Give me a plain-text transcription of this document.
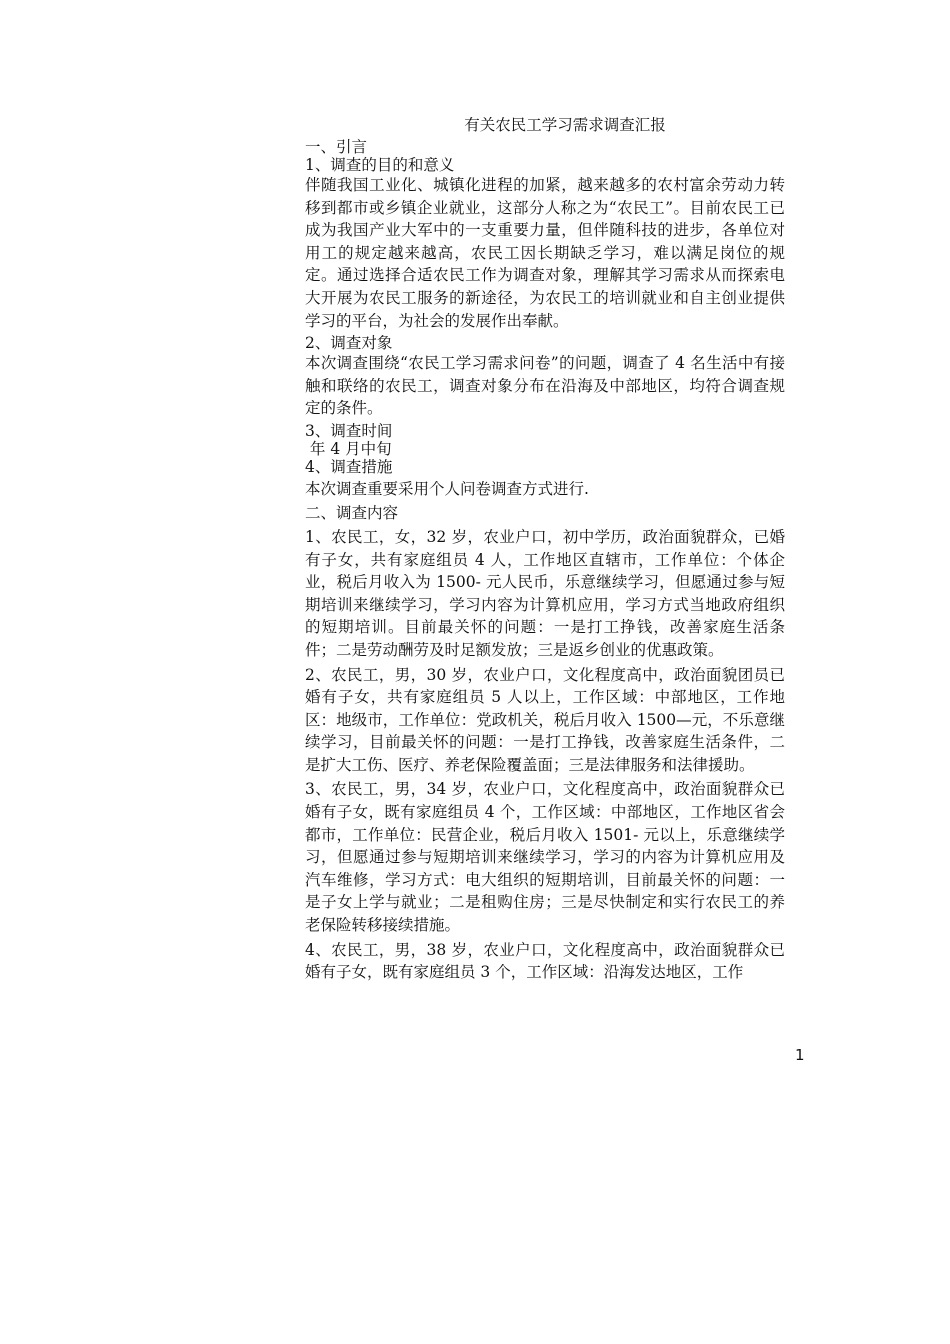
有关农民工学习需求调查汇报

一、引言

1、调查的目的和意义

伴随我国工业化、城镇化进程的加紧，越来越多的农村富余劳动力转移到都市或乡镇企业就业，这部分人称之为“农民工”。目前农民工已成为我国产业大军中的一支重要力量，但伴随科技的进步，各单位对用工的规定越来越高，农民工因长期缺乏学习，难以满足岗位的规定。通过选择合适农民工作为调查对象，理解其学习需求从而探索电大开展为农民工服务的新途径，为农民工的培训就业和自主创业提供学习的平台，为社会的发展作出奉献。

2、调查对象

本次调查围绕“农民工学习需求问卷”的问题，调查了 4 名生活中有接触和联络的农民工，调查对象分布在沿海及中部地区，均符合调查规定的条件。

3、调查时间

年 4 月中旬

4、调查措施

本次调查重要采用个人问卷调查方式进行.

二、调查内容

1、农民工，女，32 岁，农业户口，初中学历，政治面貌群众，已婚有子女，共有家庭组员 4 人，工作地区直辖市，工作单位：个体企业，税后月收入为 1500- 元人民币，乐意继续学习，但愿通过参与短期培训来继续学习，学习内容为计算机应用，学习方式当地政府组织的短期培训。目前最关怀的问题：一是打工挣钱，改善家庭生活条件；二是劳动酬劳及时足额发放；三是返乡创业的优惠政策。

2、农民工，男，30 岁，农业户口，文化程度高中，政治面貌团员已婚有子女，共有家庭组员 5 人以上，工作区域：中部地区，工作地区：地级市，工作单位：党政机关，税后月收入 1500—元，不乐意继续学习，目前最关怀的问题：一是打工挣钱，改善家庭生活条件，二是扩大工伤、医疗、养老保险覆盖面；三是法律服务和法律援助。

3、农民工，男，34 岁，农业户口，文化程度高中，政治面貌群众已婚有子女，既有家庭组员 4 个，工作区域：中部地区，工作地区省会都市，工作单位：民营企业，税后月收入 1501- 元以上，乐意继续学习，但愿通过参与短期培训来继续学习，学习的内容为计算机应用及汽车维修，学习方式：电大组织的短期培训，目前最关怀的问题：一是子女上学与就业；二是租购住房；三是尽快制定和实行农民工的养老保险转移接续措施。

4、农民工，男，38 岁，农业户口，文化程度高中，政治面貌群众已婚有子女，既有家庭组员 3 个，工作区域：沿海发达地区，工作

1
